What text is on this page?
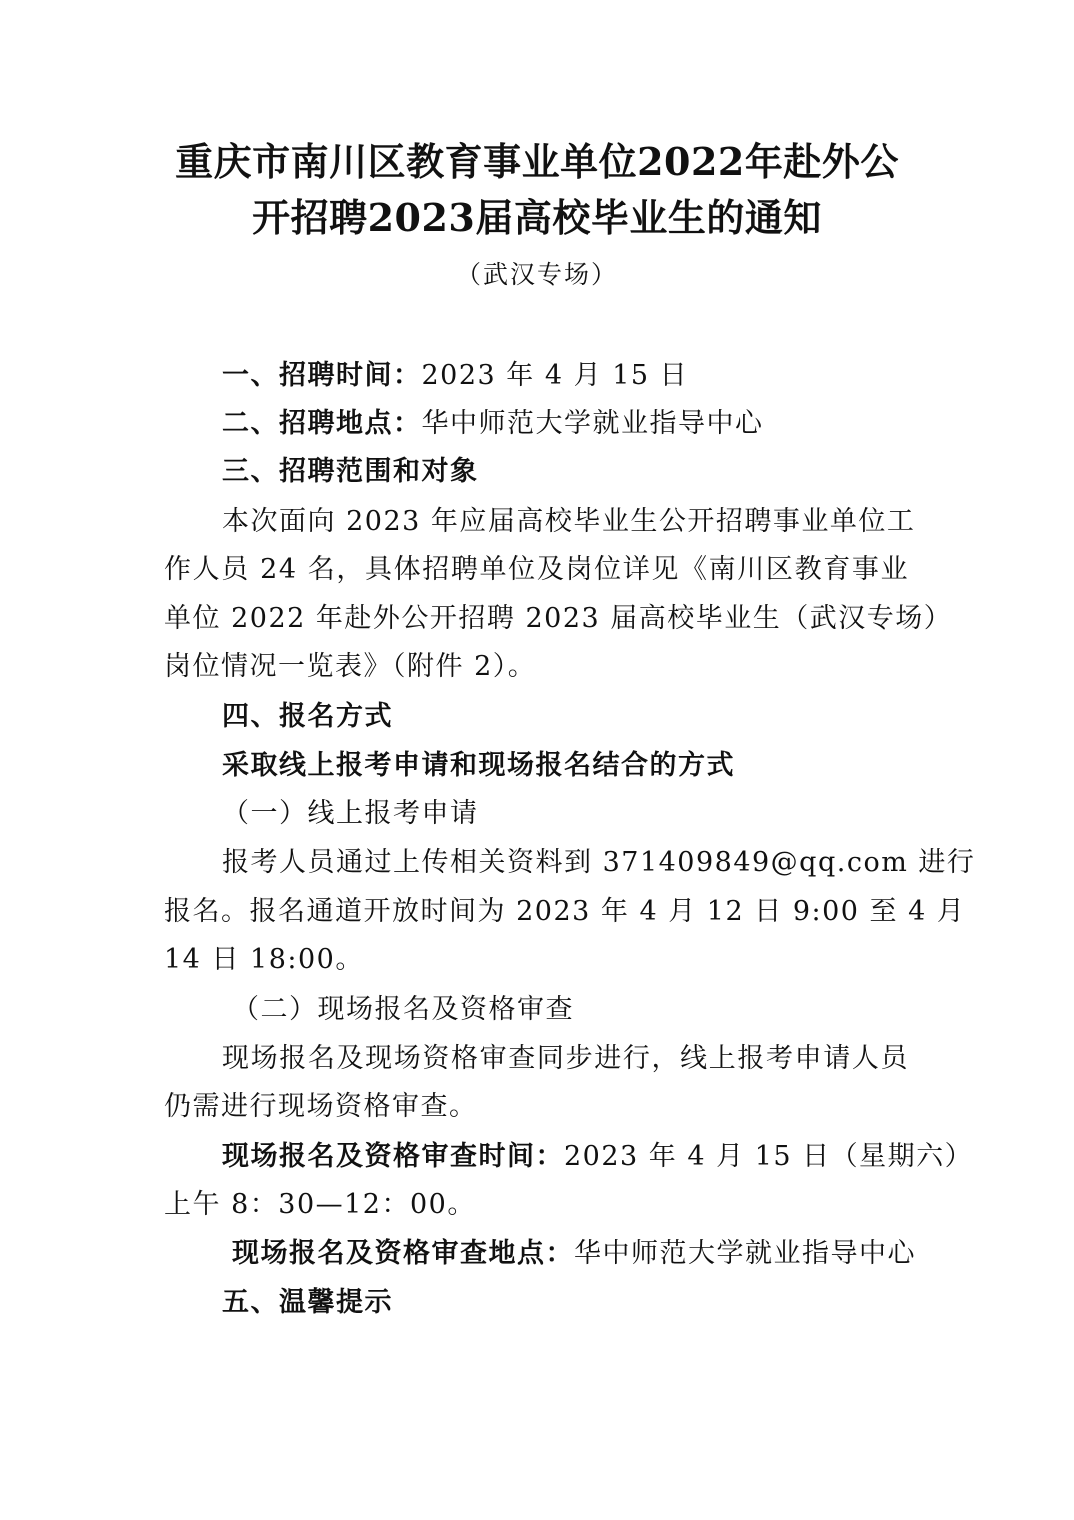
重庆市南川区教育事业单位2022年赴外公
开招聘2023届高校毕业生的通知
（武汉专场）
一、招聘时间：2023 年 4 月 15 日
二、招聘地点：华中师范大学就业指导中心
三、招聘范围和对象
本次面向 2023 年应届高校毕业生公开招聘事业单位工
作人员 24 名，具体招聘单位及岗位详见《南川区教育事业
单位 2022 年赴外公开招聘 2023 届高校毕业生（武汉专场）
岗位情况一览表》（附件 2）。
四、报名方式
采取线上报考申请和现场报名结合的方式
（一）线上报考申请
报考人员通过上传相关资料到 371409849@qq.com 进行
报名。报名通道开放时间为 2023 年 4 月 12 日 9:00 至 4 月
14 日 18:00。
（二）现场报名及资格审查
现场报名及现场资格审查同步进行，线上报考申请人员
仍需进行现场资格审查。
现场报名及资格审查时间：2023 年 4 月 15 日（星期六）
上午 8：30—12：00。
现场报名及资格审查地点：华中师范大学就业指导中心
五、温馨提示
